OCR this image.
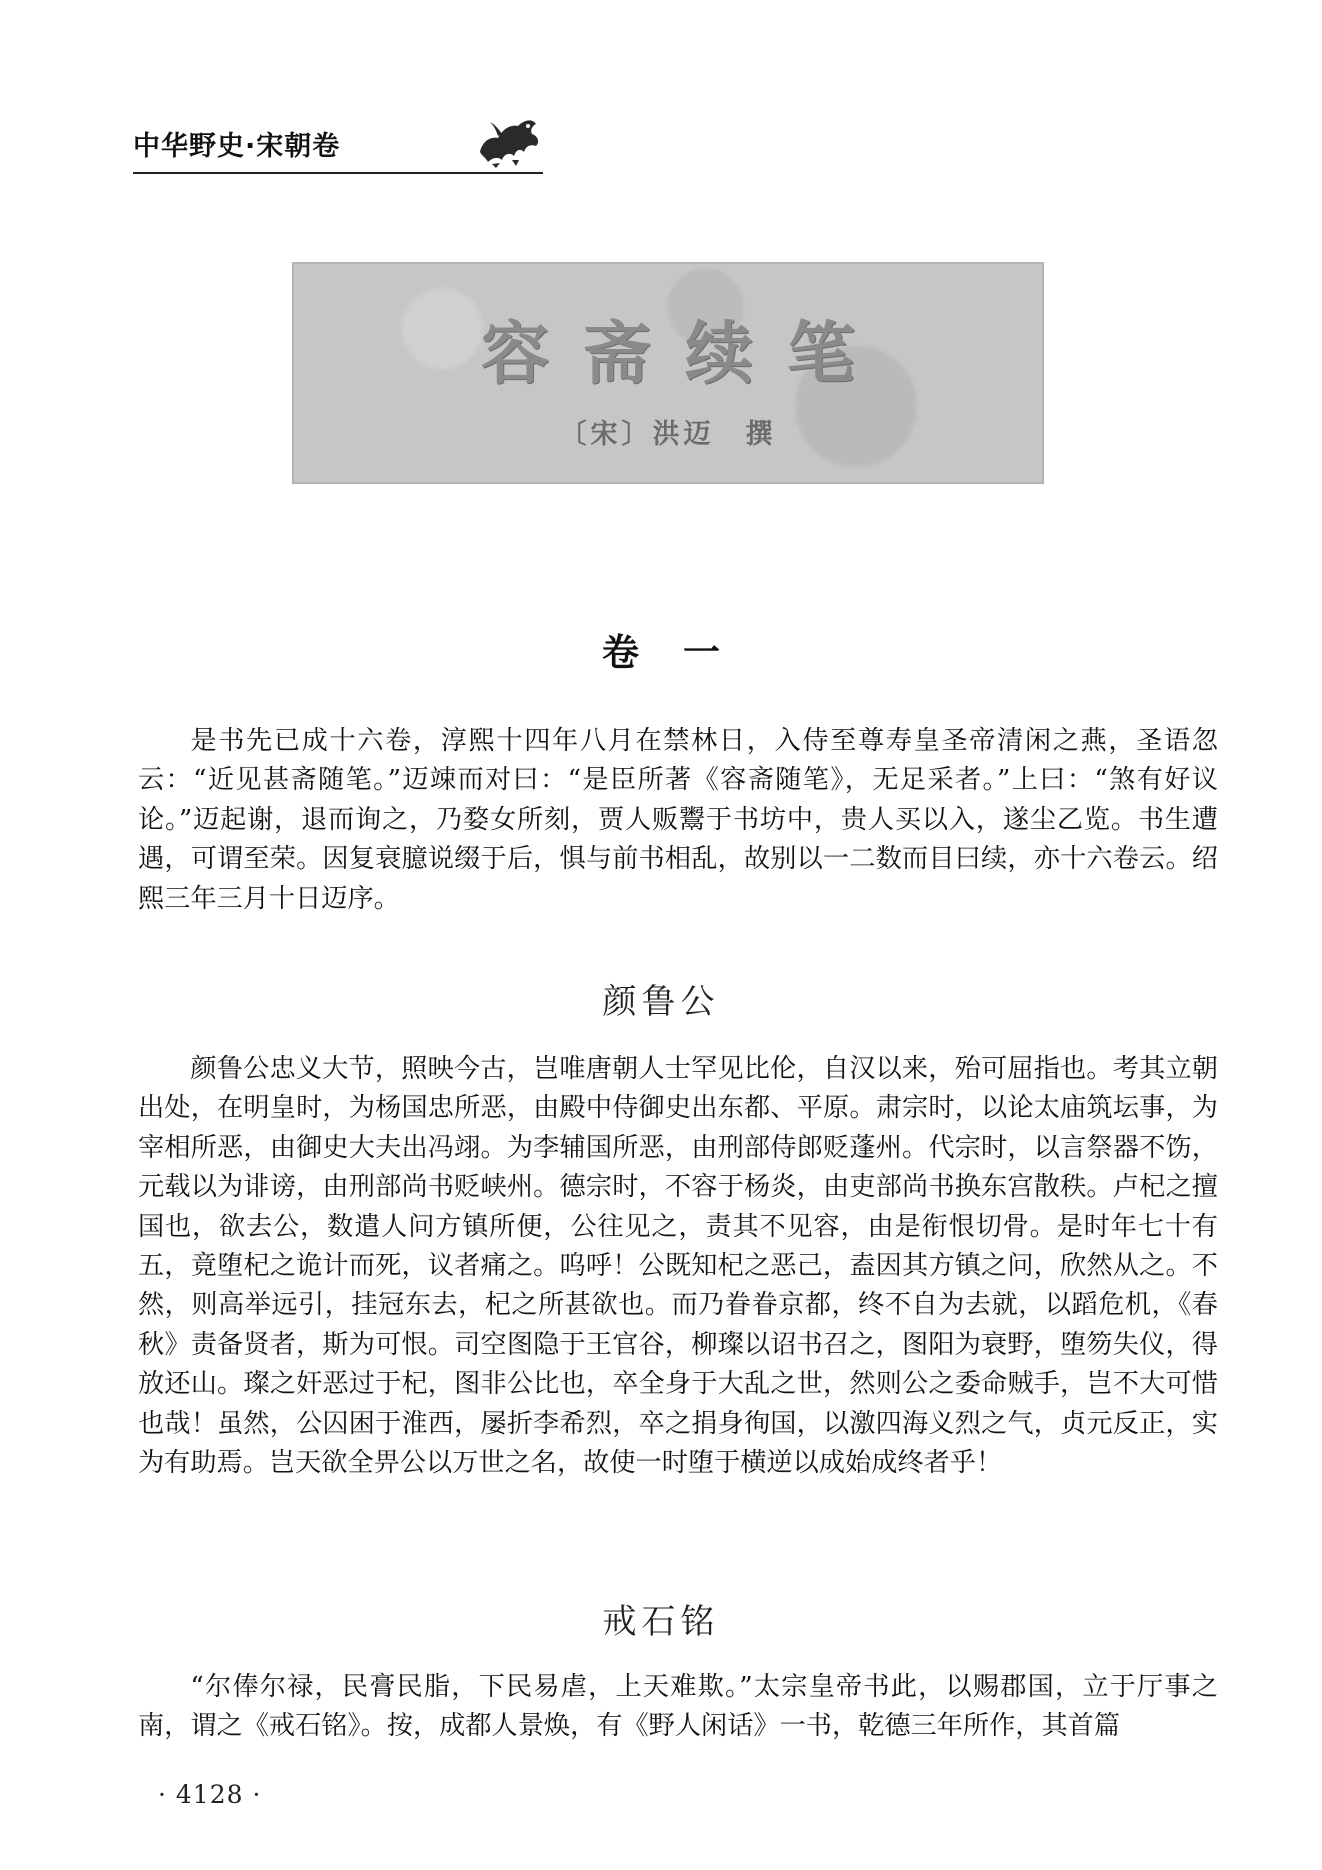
中华野史·宋朝卷
容斋续笔
〔宋〕洪迈　撰
卷一

是书先已成十六卷，淳熙十四年八月在禁林日，入侍至尊寿皇圣帝清闲之燕，圣语忽云：“近见甚斋随笔。”迈竦而对曰：“是臣所著《容斋随笔》，无足采者。”上曰：“煞有好议论。”迈起谢，退而询之，乃婺女所刻，贾人贩鬻于书坊中，贵人买以入，遂尘乙览。书生遭遇，可谓至荣。因复衰臆说缀于后，惧与前书相乱，故别以一二数而目曰续，亦十六卷云。绍熙三年三月十日迈序。

颜鲁公

颜鲁公忠义大节，照映今古，岂唯唐朝人士罕见比伦，自汉以来，殆可屈指也。考其立朝出处，在明皇时，为杨国忠所恶，由殿中侍御史出东都、平原。肃宗时，以论太庙筑坛事，为宰相所恶，由御史大夫出冯翊。为李辅国所恶，由刑部侍郎贬蓬州。代宗时，以言祭器不饬，元载以为诽谤，由刑部尚书贬峡州。德宗时，不容于杨炎，由吏部尚书换东宫散秩。卢杞之擅国也，欲去公，数遣人问方镇所便，公往见之，责其不见容，由是衔恨切骨。是时年七十有五，竟堕杞之诡计而死，议者痛之。呜呼！公既知杞之恶己，盍因其方镇之问，欣然从之。不然，则高举远引，挂冠东去，杞之所甚欲也。而乃眷眷京都，终不自为去就，以蹈危机，《春秋》责备贤者，斯为可恨。司空图隐于王官谷，柳璨以诏书召之，图阳为衰野，堕笏失仪，得放还山。璨之奸恶过于杞，图非公比也，卒全身于大乱之世，然则公之委命贼手，岂不大可惜也哉！虽然，公囚困于淮西，屡折李希烈，卒之捐身徇国，以激四海义烈之气，贞元反正，实为有助焉。岂天欲全畀公以万世之名，故使一时堕于横逆以成始成终者乎！

戒石铭

“尔俸尔禄，民膏民脂，下民易虐，上天难欺。”太宗皇帝书此，以赐郡国，立于厅事之南，谓之《戒石铭》。按，成都人景焕，有《野人闲话》一书，乾德三年所作，其首篇

· 4128 ·
